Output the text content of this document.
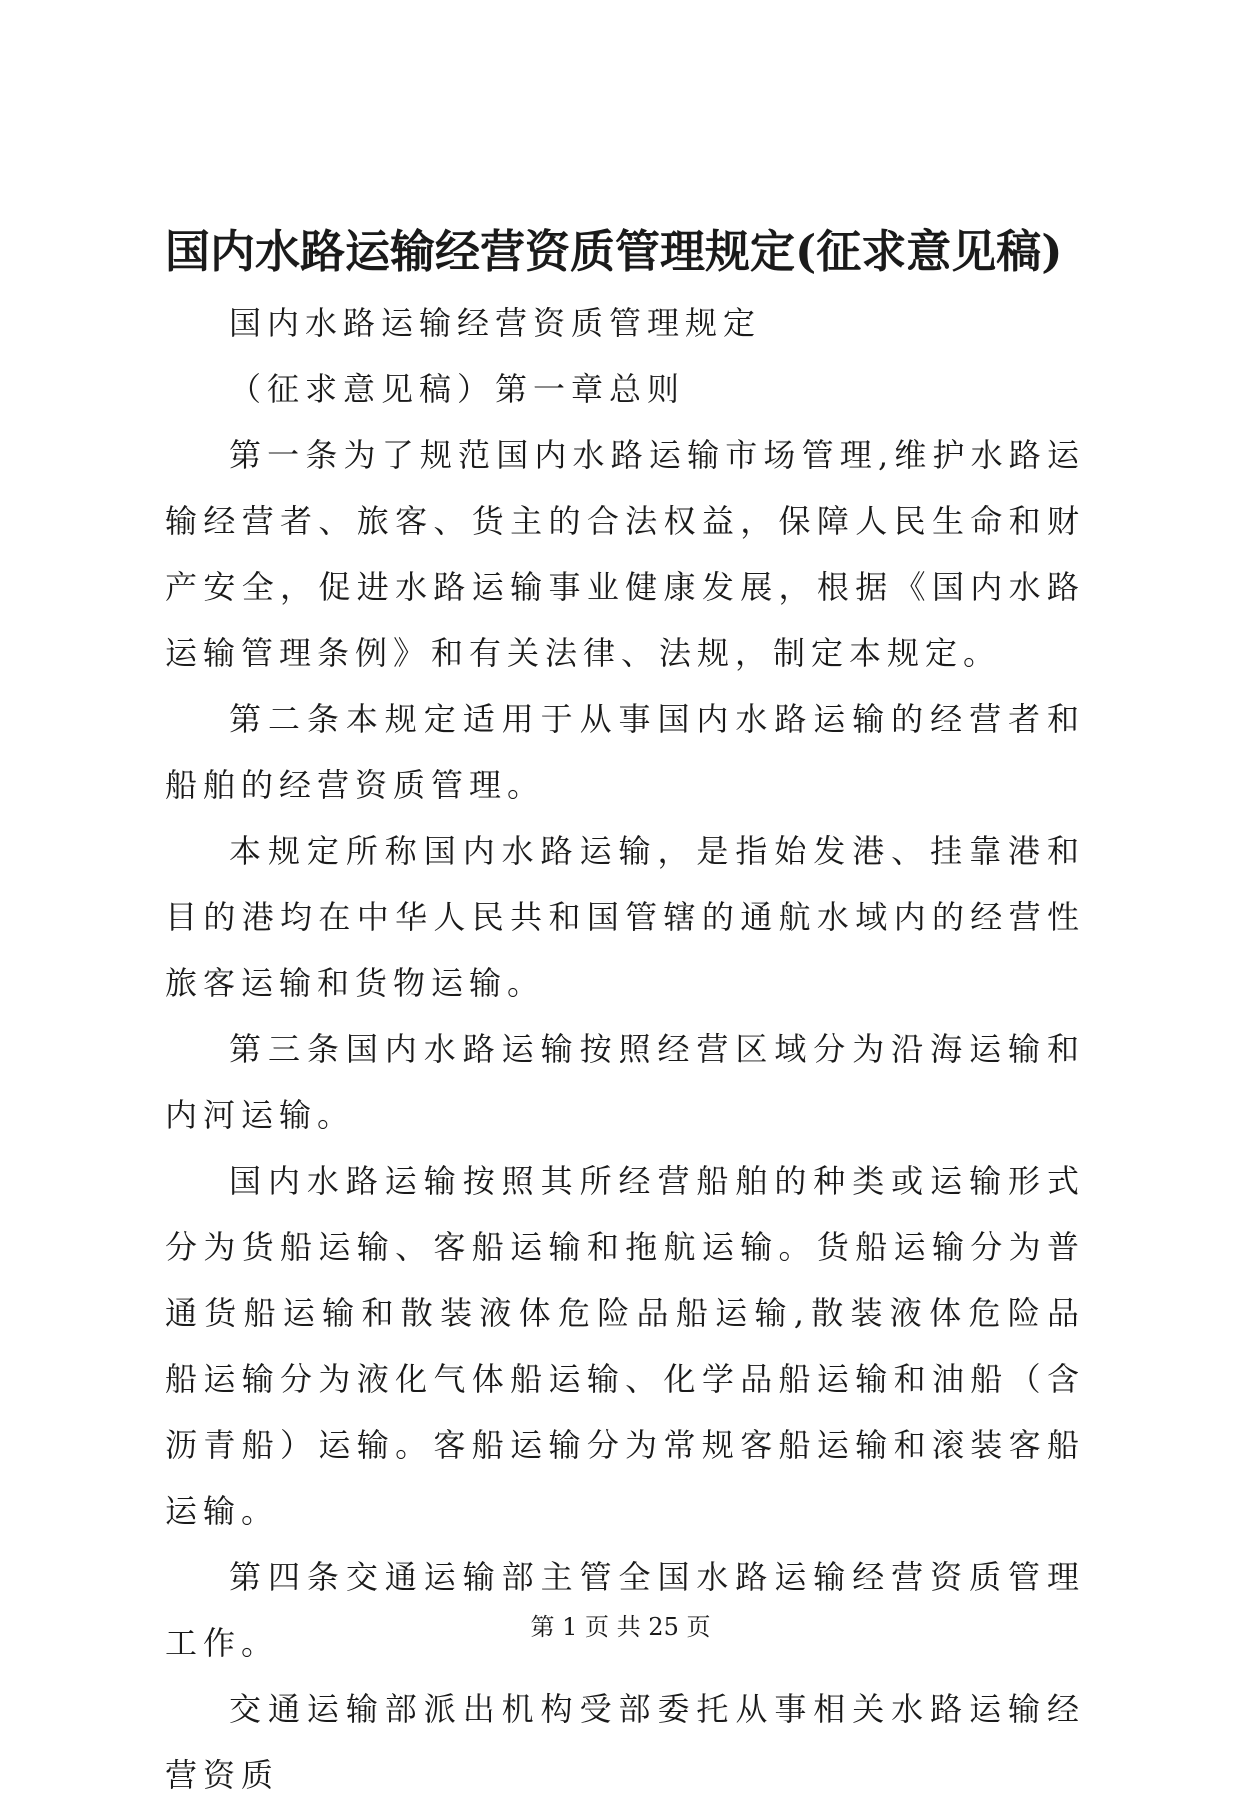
国内水路运输经营资质管理规定(征求意见稿)

国内水路运输经营资质管理规定

（征求意见稿）第一章总则

第一条为了规范国内水路运输市场管理,维护水路运输经营者、旅客、货主的合法权益，保障人民生命和财产安全，促进水路运输事业健康发展，根据《国内水路运输管理条例》和有关法律、法规，制定本规定。

第二条本规定适用于从事国内水路运输的经营者和船舶的经营资质管理。

本规定所称国内水路运输，是指始发港、挂靠港和目的港均在中华人民共和国管辖的通航水域内的经营性旅客运输和货物运输。

第三条国内水路运输按照经营区域分为沿海运输和内河运输。

国内水路运输按照其所经营船舶的种类或运输形式分为货船运输、客船运输和拖航运输。货船运输分为普通货船运输和散装液体危险品船运输,散装液体危险品船运输分为液化气体船运输、化学品船运输和油船（含沥青船）运输。客船运输分为常规客船运输和滚装客船运输。

第四条交通运输部主管全国水路运输经营资质管理工作。

交通运输部派出机构受部委托从事相关水路运输经营资质

第 1 页 共 25 页
